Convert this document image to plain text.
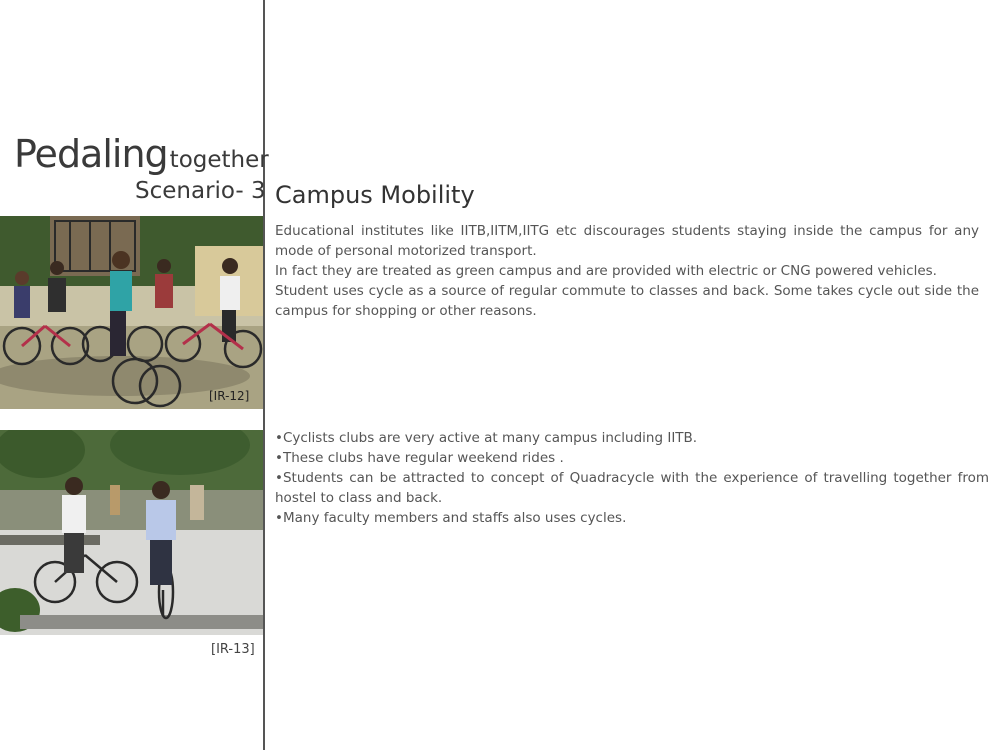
Pedalingtogether
Scenario- 3 Campus Mobility
Educational institutes like IITB,IITM,IITG etc discourages students staying inside the campus for any mode of personal motorized transport.
In fact they are treated as green campus and are provided with electric or CNG powered vehicles.
Student uses cycle as a source of regular commute to classes and back. Some takes cycle out side the campus for shopping or other reasons.
•Cyclists clubs are very active at many campus including IITB.
•These clubs have regular weekend rides .
•Students can be attracted to concept of Quadracycle with the experience of travelling together from hostel to class and back.
•Many faculty members and staffs also uses cycles.
[IR-12]
[IR-13]
